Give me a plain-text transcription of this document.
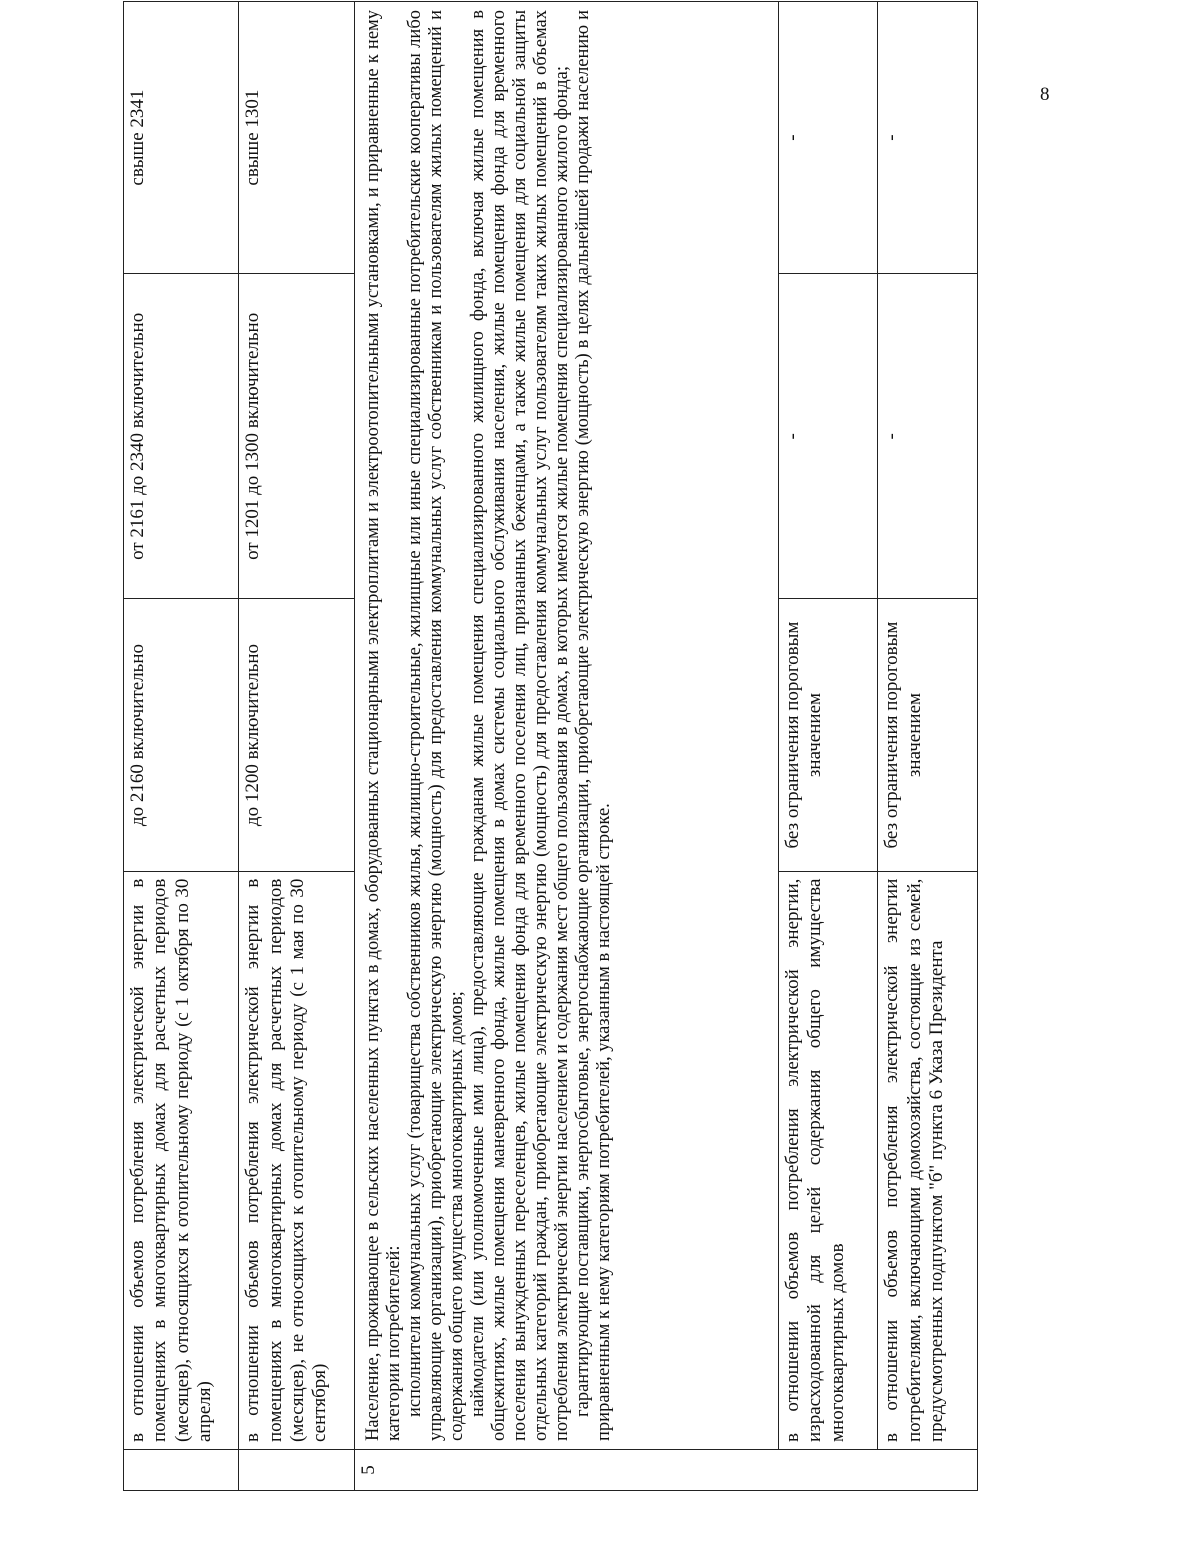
	в отношении объемов потребления электрической энергии в помещениях в многоквартирных домах для расчетных периодов (месяцев), относящихся к отопительному периоду (с 1 октября по 30 апреля)	до 2160 включительно	от 2161 до 2340 включительно	свыше 2341
	в отношении объемов потребления электрической энергии в помещениях в многоквартирных домах для расчетных периодов (месяцев), не относящихся к отопительному периоду (с 1 мая по 30 сентября)	до 1200 включительно	от 1201 до 1300 включительно	свыше 1301
5	Население, проживающее в сельских населенных пунктах в домах, оборудованных стационарными электроплитами и электроотопительными установками, и приравненные к нему категории потребителей: исполнители коммунальных услуг (товарищества собственников жилья, жилищно-строительные, жилищные или иные специализированные потребительские кооперативы либо управляющие организации), приобретающие электрическую энергию (мощность) для предоставления коммунальных услуг собственникам и пользователям жилых помещений и содержания общего имущества многоквартирных домов; наймодатели (или уполномоченные ими лица), предоставляющие гражданам жилые помещения специализированного жилищного фонда, включая жилые помещения в общежитиях, жилые помещения маневренного фонда, жилые помещения в домах системы социального обслуживания населения, жилые помещения фонда для временного поселения вынужденных переселенцев, жилые помещения фонда для временного поселения лиц, признанных беженцами, а также жилые помещения для социальной защиты отдельных категорий граждан, приобретающие электрическую энергию (мощность) для предоставления коммунальных услуг пользователям таких жилых помещений в объемах потребления электрической энергии населением и содержания мест общего пользования в домах, в которых имеются жилые помещения специализированного жилого фонда; гарантирующие поставщики, энергосбытовые, энергоснабжающие организации, приобретающие электрическую энергию (мощность) в целях дальнейшей продажи населению и приравненным к нему категориям потребителей, указанным в настоящей строке.			

	в отношении объемов потребления электрической энергии, израсходованной для целей содержания общего имущества многоквартирных домов	без ограничения пороговым значением	-	-
	в отношении объемов потребления электрической энергии потребителями, включающими домохозяйства, состоящие из семей, предусмотренных подпунктом "б" пункта 6 Указа Президента	без ограничения пороговым значением	-	-
8
